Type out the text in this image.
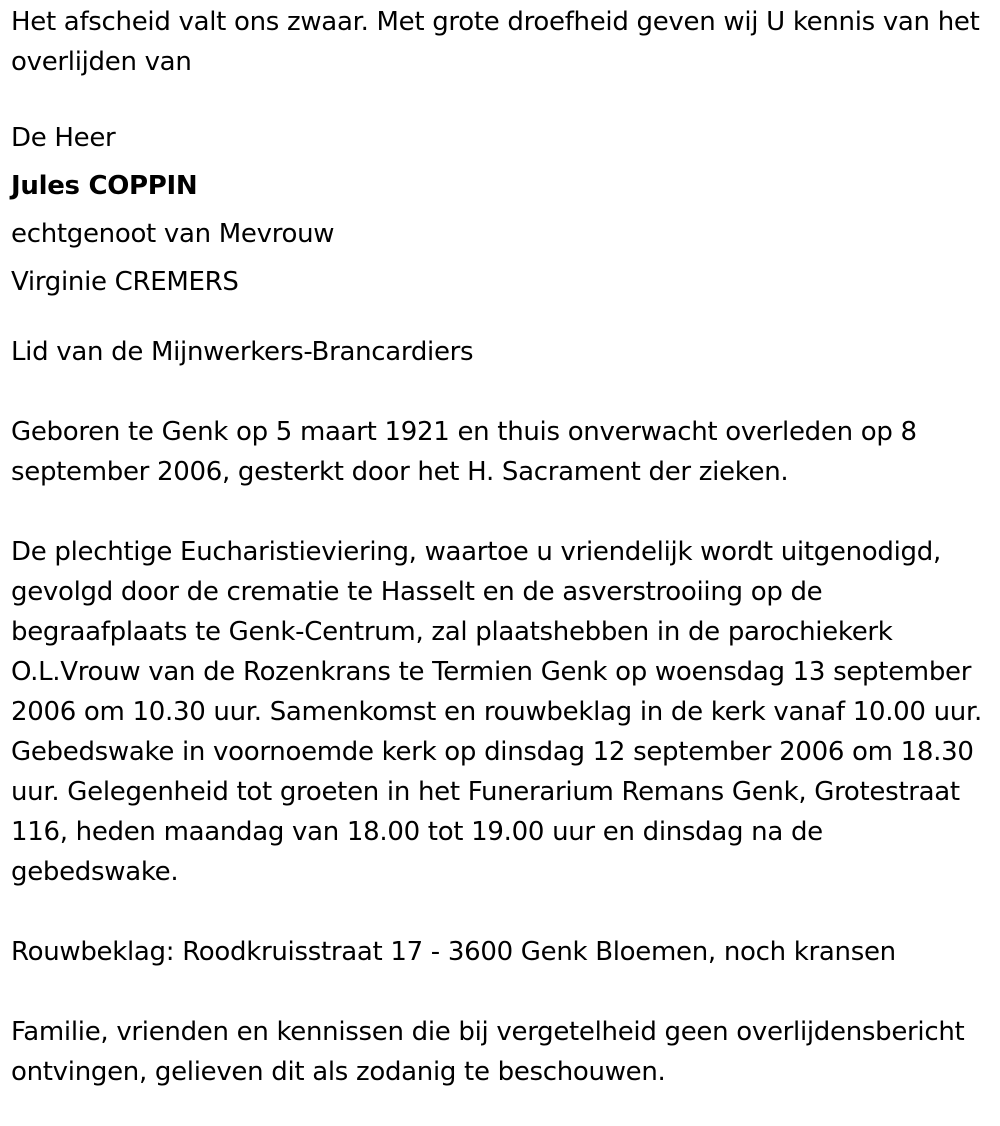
Het afscheid valt ons zwaar. Met grote droefheid geven wij U kennis van het overlijden van

De Heer

Jules COPPIN

echtgenoot van Mevrouw

Virginie CREMERS

Lid van de Mijnwerkers-Brancardiers

Geboren te Genk op 5 maart 1921 en thuis onverwacht overleden op 8 september 2006, gesterkt door het H. Sacrament der zieken.

De plechtige Eucharistieviering, waartoe u vriendelijk wordt uitgenodigd, gevolgd door de crematie te Hasselt en de asverstrooiing op de begraafplaats te Genk-Centrum, zal plaatshebben in de parochiekerk O.L.Vrouw van de Rozenkrans te Termien Genk op woensdag 13 september 2006 om 10.30 uur. Samenkomst en rouwbeklag in de kerk vanaf 10.00 uur. Gebedswake in voornoemde kerk op dinsdag 12 september 2006 om 18.30 uur. Gelegenheid tot groeten in het Funerarium Remans Genk, Grotestraat 116, heden maandag van 18.00 tot 19.00 uur en dinsdag na de gebedswake.

Rouwbeklag: Roodkruisstraat 17 - 3600 Genk Bloemen, noch kransen

Familie, vrienden en kennissen die bij vergetelheid geen overlijdensbericht ontvingen, gelieven dit als zodanig te beschouwen.
